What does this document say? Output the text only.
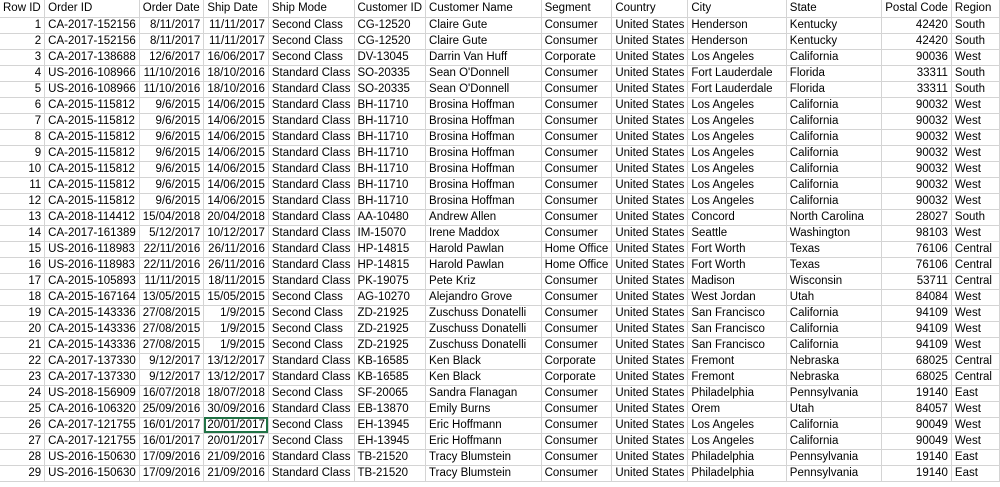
Row ID	Order ID	Order Date	Ship Date	Ship Mode	Customer ID	Customer Name	Segment	Country	City	State	Postal Code	Region
1	CA-2017-152156	8/11/2017	11/11/2017	Second Class	CG-12520	Claire Gute	Consumer	United States	Henderson	Kentucky	42420	South
2	CA-2017-152156	8/11/2017	11/11/2017	Second Class	CG-12520	Claire Gute	Consumer	United States	Henderson	Kentucky	42420	South
3	CA-2017-138688	12/6/2017	16/06/2017	Second Class	DV-13045	Darrin Van Huff	Corporate	United States	Los Angeles	California	90036	West
4	US-2016-108966	11/10/2016	18/10/2016	Standard Class	SO-20335	Sean O'Donnell	Consumer	United States	Fort Lauderdale	Florida	33311	South
5	US-2016-108966	11/10/2016	18/10/2016	Standard Class	SO-20335	Sean O'Donnell	Consumer	United States	Fort Lauderdale	Florida	33311	South
6	CA-2015-115812	9/6/2015	14/06/2015	Standard Class	BH-11710	Brosina Hoffman	Consumer	United States	Los Angeles	California	90032	West
7	CA-2015-115812	9/6/2015	14/06/2015	Standard Class	BH-11710	Brosina Hoffman	Consumer	United States	Los Angeles	California	90032	West
8	CA-2015-115812	9/6/2015	14/06/2015	Standard Class	BH-11710	Brosina Hoffman	Consumer	United States	Los Angeles	California	90032	West
9	CA-2015-115812	9/6/2015	14/06/2015	Standard Class	BH-11710	Brosina Hoffman	Consumer	United States	Los Angeles	California	90032	West
10	CA-2015-115812	9/6/2015	14/06/2015	Standard Class	BH-11710	Brosina Hoffman	Consumer	United States	Los Angeles	California	90032	West
11	CA-2015-115812	9/6/2015	14/06/2015	Standard Class	BH-11710	Brosina Hoffman	Consumer	United States	Los Angeles	California	90032	West
12	CA-2015-115812	9/6/2015	14/06/2015	Standard Class	BH-11710	Brosina Hoffman	Consumer	United States	Los Angeles	California	90032	West
13	CA-2018-114412	15/04/2018	20/04/2018	Standard Class	AA-10480	Andrew Allen	Consumer	United States	Concord	North Carolina	28027	South
14	CA-2017-161389	5/12/2017	10/12/2017	Standard Class	IM-15070	Irene Maddox	Consumer	United States	Seattle	Washington	98103	West
15	US-2016-118983	22/11/2016	26/11/2016	Standard Class	HP-14815	Harold Pawlan	Home Office	United States	Fort Worth	Texas	76106	Central
16	US-2016-118983	22/11/2016	26/11/2016	Standard Class	HP-14815	Harold Pawlan	Home Office	United States	Fort Worth	Texas	76106	Central
17	CA-2015-105893	11/11/2015	18/11/2015	Standard Class	PK-19075	Pete Kriz	Consumer	United States	Madison	Wisconsin	53711	Central
18	CA-2015-167164	13/05/2015	15/05/2015	Second Class	AG-10270	Alejandro Grove	Consumer	United States	West Jordan	Utah	84084	West
19	CA-2015-143336	27/08/2015	1/9/2015	Second Class	ZD-21925	Zuschuss Donatelli	Consumer	United States	San Francisco	California	94109	West
20	CA-2015-143336	27/08/2015	1/9/2015	Second Class	ZD-21925	Zuschuss Donatelli	Consumer	United States	San Francisco	California	94109	West
21	CA-2015-143336	27/08/2015	1/9/2015	Second Class	ZD-21925	Zuschuss Donatelli	Consumer	United States	San Francisco	California	94109	West
22	CA-2017-137330	9/12/2017	13/12/2017	Standard Class	KB-16585	Ken Black	Corporate	United States	Fremont	Nebraska	68025	Central
23	CA-2017-137330	9/12/2017	13/12/2017	Standard Class	KB-16585	Ken Black	Corporate	United States	Fremont	Nebraska	68025	Central
24	US-2018-156909	16/07/2018	18/07/2018	Second Class	SF-20065	Sandra Flanagan	Consumer	United States	Philadelphia	Pennsylvania	19140	East
25	CA-2016-106320	25/09/2016	30/09/2016	Standard Class	EB-13870	Emily Burns	Consumer	United States	Orem	Utah	84057	West
26	CA-2017-121755	16/01/2017	20/01/2017	Second Class	EH-13945	Eric Hoffmann	Consumer	United States	Los Angeles	California	90049	West
27	CA-2017-121755	16/01/2017	20/01/2017	Second Class	EH-13945	Eric Hoffmann	Consumer	United States	Los Angeles	California	90049	West
28	US-2016-150630	17/09/2016	21/09/2016	Standard Class	TB-21520	Tracy Blumstein	Consumer	United States	Philadelphia	Pennsylvania	19140	East
29	US-2016-150630	17/09/2016	21/09/2016	Standard Class	TB-21520	Tracy Blumstein	Consumer	United States	Philadelphia	Pennsylvania	19140	East
